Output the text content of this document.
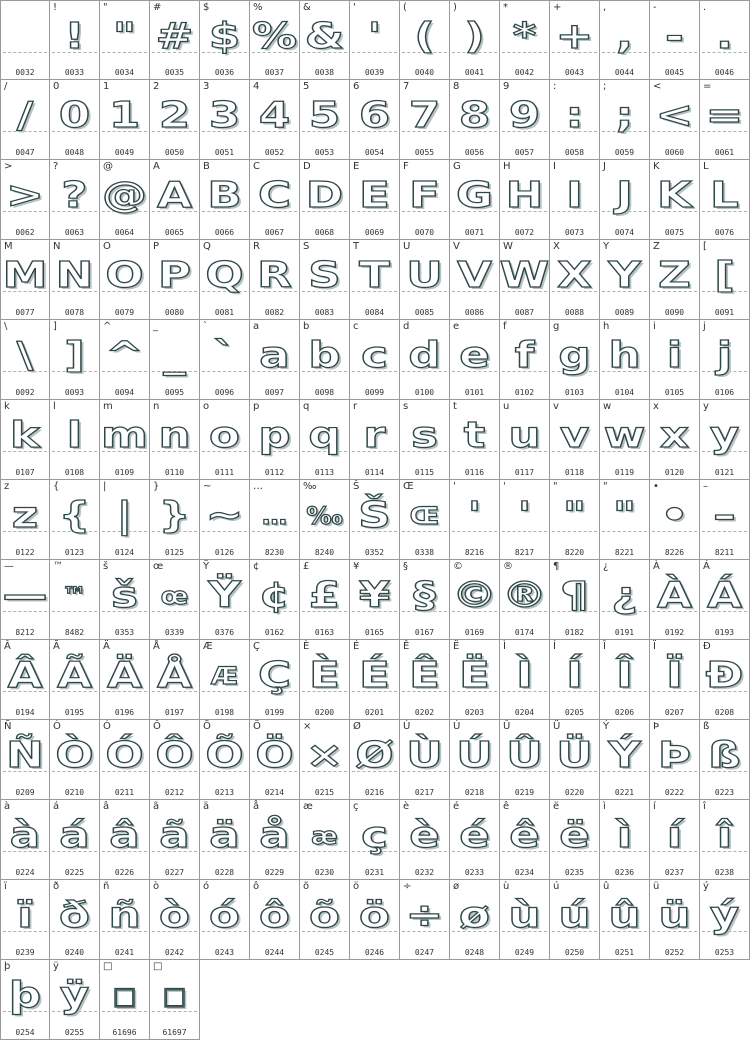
0032
!
!
0033
"
"
0034
#
#
0035
$
$
0036
%
%
0037
&
&
0038
'
'
0039
(
(
0040
)
)
0041
*
*
0042
+
+
0043
,
,
0044
-
-
0045
.
.
0046
/
/
0047
0
0
0048
1
1
0049
2
2
0050
3
3
0051
4
4
0052
5
5
0053
6
6
0054
7
7
0055
8
8
0056
9
9
0057
:
:
0058
;
;
0059
<
<
0060
=
=
0061
>
>
0062
?
?
0063
@
@
0064
A
A
0065
B
B
0066
C
C
0067
D
D
0068
E
E
0069
F
F
0070
G
G
0071
H
H
0072
I
I
0073
J
J
0074
K
K
0075
L
L
0076
M
M
0077
N
N
0078
O
O
0079
P
P
0080
Q
Q
0081
R
R
0082
S
S
0083
T
T
0084
U
U
0085
V
V
0086
W
W
0087
X
X
0088
Y
Y
0089
Z
Z
0090
[
[
0091
\
\
0092
]
]
0093
^
^
0094
_
_
0095
`
`
0096
a
a
0097
b
b
0098
c
c
0099
d
d
0100
e
e
0101
f
f
0102
g
g
0103
h
h
0104
i
i
0105
j
j
0106
k
k
0107
l
l
0108
m
m
0109
n
n
0110
o
o
0111
p
p
0112
q
q
0113
r
r
0114
s
s
0115
t
t
0116
u
u
0117
v
v
0118
w
w
0119
x
x
0120
y
y
0121
z
z
0122
{
{
0123
|
|
0124
}
}
0125
~
~
0126
…
…
8230
‰
‰
8240
Š
Š
0352
Œ
Œ
0338
'
'
8216
'
'
8217
"
"
8220
"
"
8221
•
•
8226
–
–
8211
—
—
8212
™
™
8482
š
š
0353
œ
œ
0339
Ÿ
Ÿ
0376
¢
¢
0162
£
£
0163
¥
¥
0165
§
§
0167
©
©
0169
®
®
0174
¶
¶
0182
¿
¿
0191
À
À
0192
Á
Á
0193
Â
Â
0194
Ã
Ã
0195
Ä
Ä
0196
Å
Å
0197
Æ
Æ
0198
Ç
Ç
0199
È
È
0200
É
É
0201
Ê
Ê
0202
Ë
Ë
0203
Ì
Ì
0204
Í
Í
0205
Î
Î
0206
Ï
Ï
0207
Ð
Ð
0208
Ñ
Ñ
0209
Ò
Ò
0210
Ó
Ó
0211
Ô
Ô
0212
Õ
Õ
0213
Ö
Ö
0214
×
×
0215
Ø
Ø
0216
Ù
Ù
0217
Ú
Ú
0218
Û
Û
0219
Ü
Ü
0220
Ý
Ý
0221
Þ
Þ
0222
ß
ß
0223
à
à
0224
á
á
0225
â
â
0226
ã
ã
0227
ä
ä
0228
å
å
0229
æ
æ
0230
ç
ç
0231
è
è
0232
é
é
0233
ê
ê
0234
ë
ë
0235
ì
ì
0236
í
í
0237
î
î
0238
ï
ï
0239
ð
ð
0240
ñ
ñ
0241
ò
ò
0242
ó
ó
0243
ô
ô
0244
õ
õ
0245
ö
ö
0246
÷
÷
0247
ø
ø
0248
ù
ù
0249
ú
ú
0250
û
û
0251
ü
ü
0252
ý
ý
0253
þ
þ
0254
ÿ
ÿ
0255
□
□
61696
□
□
61697
